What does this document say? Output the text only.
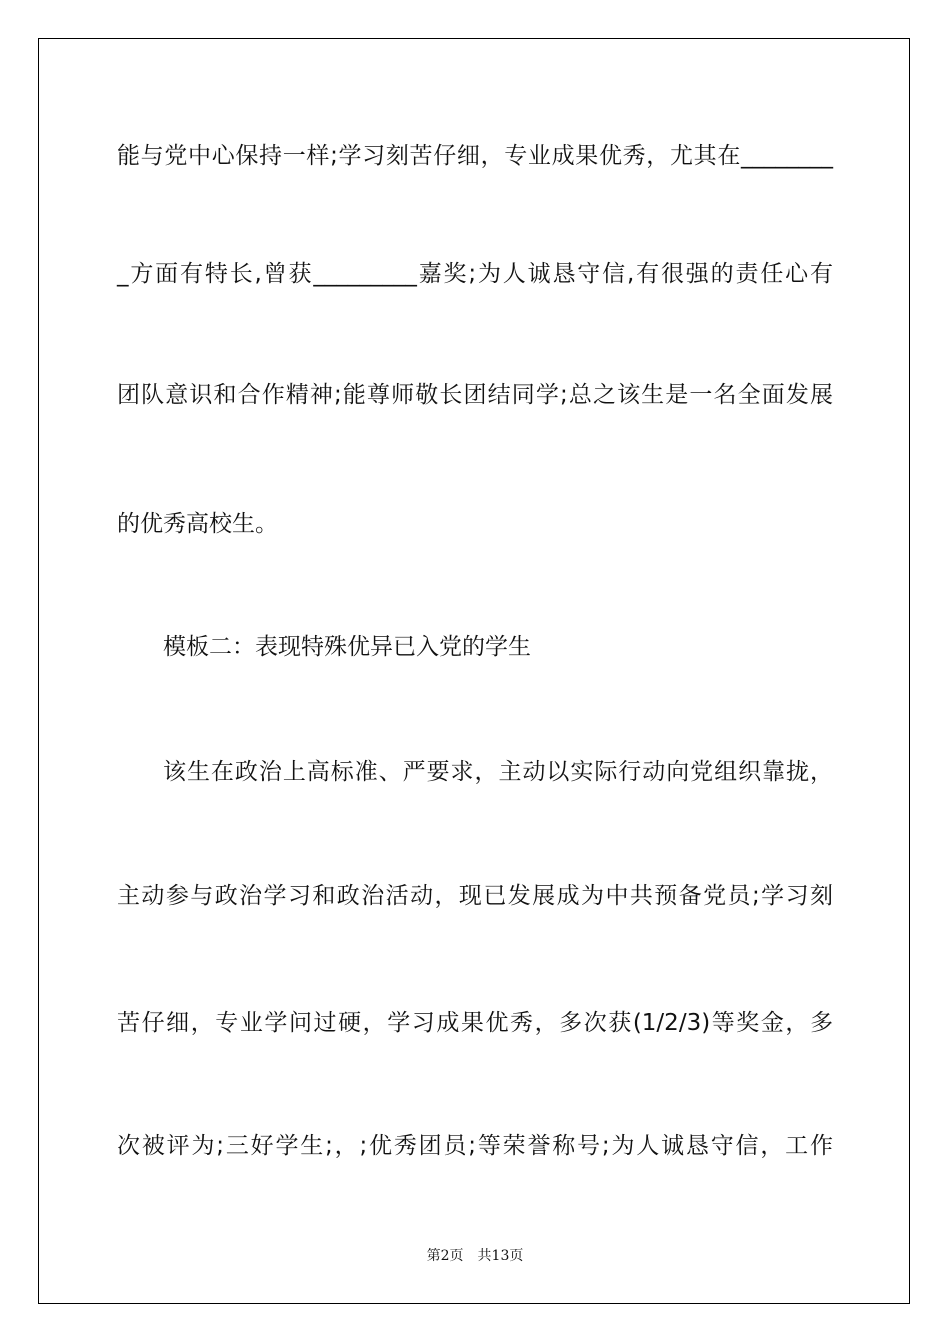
能与党中心保持一样;学习刻苦仔细，专业成果优秀，尤其在________
_方面有特长,曾获_________嘉奖;为人诚恳守信,有很强的责任心有
团队意识和合作精神;能尊师敬长团结同学;总之该生是一名全面发展
的优秀高校生。
模板二：表现特殊优异已入党的学生
该生在政治上高标准、严要求，主动以实际行动向党组织靠拢，
主动参与政治学习和政治活动，现已发展成为中共预备党员;学习刻
苦仔细，专业学问过硬，学习成果优秀，多次获(1/2/3)等奖金，多
次被评为;三好学生;，;优秀团员;等荣誉称号;为人诚恳守信，工作
第2页 共13页
